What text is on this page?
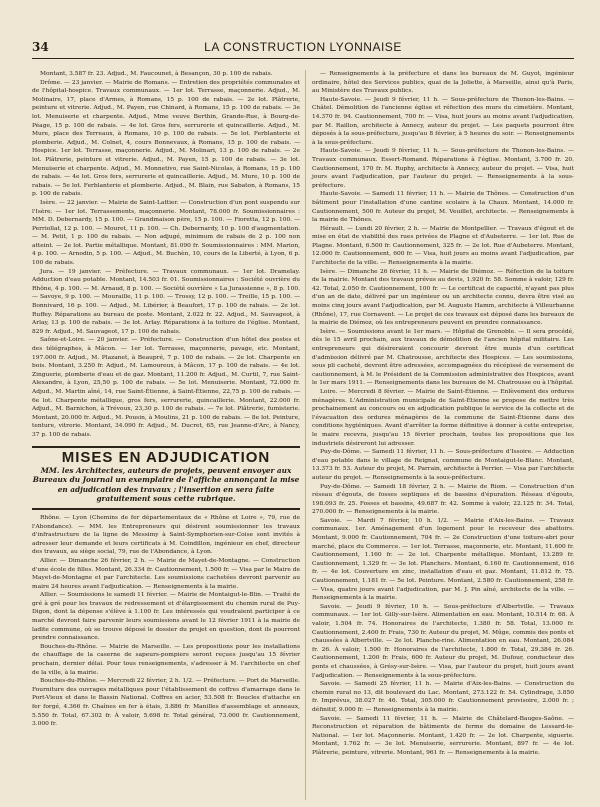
34	LA CONSTRUCTION LYONNAISE

Montant, 3.587 fr. 23. Adjud., M. Faucounet, à Besançon, 30 p. 100 de rabais.

Drôme. — 23 janvier. — Mairie de Romans. — Entretien des propriétés communales et de l'hôpital-hospice. Travaux communaux. — 1er lot. Terrasse, maçonnerie. Adjud., M. Molinaire, 17, place d'Armes, à Romans, 15 p. 100 de rabais. — 2e lot. Plâtrerie, peinture et vitrerie. Adjud., M. Payen, rue Chinard, à Romans, 15 p. 100 de rabais. — 3e lot. Menuiserie et charpente. Adjud., Mme veuve Berthin, Grande-Rue, à Bourg-de-Péage, 15 p. 100 de rabais. — 4e lot. Gros fers, serrurerie et quincaillerie. Adjud., M. Mure, place des Terreaux, à Romans, 10 p. 100 de rabais. — 5e lot. Ferblanterie et plomberie. Adjud., M. Colnet, 4, cours Bonnevaux, à Romans, 15 p. 100 de rabais. — Hospice. 1er lot. Terrasse, maçonnerie. Adjud., M. Molinari, 13 p. 100 de rabais. — 2e lot. Plâtrerie, peinture et vitrerie. Adjud., M. Payen, 15 p. 100 de rabais. — 3e lot. Menuiserie et charpente. Adjud., M. Monnetivo, rue Saint-Nicolas, à Romans, 15 p. 100 de rabais. — 4e lot. Gros fers, serrurerie et quincaillerie. Adjud., M. Mure, 10 p. 100 de rabais. — 5e lot. Ferblanterie et plomberie. Adjud., M. Blain, rue Sabaton, à Romans, 15 p. 100 de rabais.

Isère. — 22 janvier. — Mairie de Saint-Lattier. — Construction d'un pont suspendu sur l'Isère. — 1er lot. Terrassements, maçonnerie. Montant, 78.000 fr. Soumissionnaires : MM. D. Debernardy, 15 p. 100. — Grandmaison père, 15 p. 100. — Fioretta, 12 p. 100. — Perriollat, 12 p. 100. — Mouret, 11 p. 100. — Ch. Debernardy, 10 p. 100 d'augmentation. — M. Petit, 1 p. 100 de rabais. — Non adjugé, minimum de rabais de 2 p. 100 non atteint. — 2e lot. Partie métallique. Montant, 81.090 fr. Soumissionnaires : MM. Marion, 4 p. 100. — Arnodin, 5 p. 100. — Adjud., M. Buchèn, 10, cours de la Liberté, à Lyon, 6 p. 100 de rabais.

Jura. — 19 janvier. — Préfecture. — Travaux communaux. — 1er lot. Dramelay. Adduction d'eau potable. Montant, 14.503 fr. 01. Soumissionnaires : Société ouvrière du Rhône, 4 p. 100. — M. Arnaud, 8 p. 100. — Société ouvrière « La Jurassienne », 8 p. 100. — Savoye, 9 p. 100. — Mouraille, 11 p. 100. — Trossy, 12 p. 100. — Treille, 15 p. 100. — Bonnivard, 16 p. 100. — Adjud., M. Libérier, à Beaufort, 17 p. 100 de rabais. — 2e lot. Ruffey. Réparations au bureau de poste. Montant, 2.022 fr. 22. Adjud., M. Sauvageot, à Arlay, 13 p. 100 de rabais. — 3e lot. Arlay. Réparations à la toiture de l'église. Montant, 829 fr. Adjud., M. Sauvageot, 17 p. 100 de rabais.

Saône-et-Loire. — 20 janvier. — Préfecture. — Construction d'un hôtel des postes et des télégraphes, à Mâcon. — 1er lot. Terrasse, maçonnerie, pavage, etc. Montant, 197.000 fr. Adjud., M. Plazanet, à Beaupré, 7 p. 100 de rabais. — 2e lot. Charpente en bois. Montant, 3.250 fr. Adjud., M. Lamoureux, à Mâcon, 17 p. 100 de rabais. — 4e lot. Zinguerie, plomberie d'eau et de gaz. Montant, 11.200 fr. Adjud., M. Curtil, 7, rue Saint-Alexandre, à Lyon, 25,50 p. 100 de rabais. — 5e lot. Menuiserie. Montant, 72.000 fr. Adjud., M. Martin aîné, 14, rue Saint-Étienne, à Saint-Étienne, 22,75 p. 100 de rabais. — 6e lot. Charpente métallique, gros fers, serrurerie, quincaillerie. Montant, 22.000 fr. Adjud., M. Barnichon, à Trévoux, 23,30 p. 100 de rabais. — 7e lot. Plâtrerie, fumisterie. Montant, 20.000 fr. Adjud., M. Pousin, à Moulins, 21 p. 100 de rabais. — 8e lot. Peinture, tenture, vitrerie. Montant, 34.090 fr. Adjud., M. Ducret, 65, rue Jeanne-d'Arc, à Nancy, 37 p. 100 de rabais.

MISES EN ADJUDICATION
MM. les Architectes, auteurs de projets, peuvent envoyer aux Bureaux du Journal un exemplaire de l'affiche annonçant la mise en adjudication des travaux ; l'insertion en sera faite gratuitement sous cette rubrique.

Rhône. — Lyon (Chemins de fer départementaux de « Rhône et Loire », 79, rue de l'Abondance). — MM. les Entrepreneurs qui désirent soumissionner les travaux d'infrastructure de la ligne de Messimy à Saint-Symphorien-sur-Coise sont invités à adresser leur demande et leurs certificats à M. Coindillon, ingénieur en chef, directeur des travaux, au siège social, 79, rue de l'Abondance, à Lyon.

Allier. — Dimanche 26 février, 2 h. — Mairie de Mayet-de-Montagne. — Construction d'une école de filles. Montant, 26.334 fr. Cautionnement, 1.500 fr. — Visa par le Maire de Mayet-de-Montagne et par l'architecte. Les soumissions cachetées devront parvenir au maire 24 heures avant l'adjudication. — Renseignements à la mairie.

Allier. — Soumissions le samedi 11 février. — Mairie de Montaigut-le-Blin. — Traité de gré à gré pour les travaux de redressement et d'élargissement du chemin rural de Puy-Digon, dont la dépense s'élève à 1.100 fr. Les intéressés qui voudraient participer à ce marché devront faire parvenir leurs soumissions avant le 12 février 1911 à la mairie de ladite commune, où se trouve déposé le dossier du projet en question, dont ils pourront prendre connaissance.

Bouches-du-Rhône. — Mairie de Marseille. — Les propositions pour les installations de chauffage de la caserne de sapeurs-pompiers seront reçues jusqu'au 15 février prochain, dernier délai. Pour tous renseignements, s'adresser à M. l'architecte en chef de la ville, à la mairie.

Bouches-du-Rhône. — Mercredi 22 février, 2 h. 1/2. — Préfecture. — Port de Marseille. Fourniture des ouvrages métalliques pour l'établissement de coffres d'amarrage dans le Port-Vieux et dans le Bassin National. Coffres en acier, 53.508 fr. Boucles d'attache en fer forgé, 4.366 fr. Chaînes en fer à étais, 3.886 fr. Manilles d'assemblage et anneaux, 5.550 fr. Total, 67.302 fr. À valoir, 5.698 fr. Total général, 73.000 fr. Cautionnement, 3.000 fr.

— Renseignements à la préfecture et dans les bureaux de M. Guyot, ingénieur ordinaire, hôtel des Services publics, quai de la Joliette, à Marseille, ainsi qu'à Paris, au Ministère des Travaux publics.

Haute-Savoie. — Jeudi 9 février, 11 h. — Sous-préfecture de Thonon-les-Bains. — Châtel. Démolition de l'ancienne église et réfection des murs du cimetière. Montant, 14.370 fr. 94. Cautionnement, 700 fr. — Visa, huit jours au moins avant l'adjudication, par M. Raillon, architecte à Annecy, auteur du projet. — Les paquets pourront être déposés à la sous-préfecture, jusqu'au 8 février, à 5 heures du soir. — Renseignements à la sous-préfecture.

Haute-Savoie. — Jeudi 9 février, 11 h. — Sous-préfecture de Thonon-les-Bains. — Travaux communaux. Essert-Romand. Réparations à l'église. Montant, 3.700 fr. 20. Cautionnement, 170 fr. M. Ruphy, architecte à Annecy, auteur du projet. — Visa, huit jours avant l'adjudication, par l'auteur du projet. — Renseignements à la sous-préfecture.

Haute-Savoie. — Samedi 11 février, 11 h. — Mairie de Thônes. — Construction d'un bâtiment pour l'installation d'une cantine scolaire à la Chaux. Montant, 14.000 fr. Cautionnement, 500 fr. Auteur du projet, M. Veuillet, architecte. — Renseignements à la mairie de Thônes.

Hérault. — Lundi 20 février, 2 h. — Mairie de Montpellier. — Travaux d'égout et de mise en état de viabilité des rues privées de Plagne et d'Aubeterre. — 1er lot. Rue de Plagne. Montant, 6.500 fr. Cautionnement, 325 fr. — 2e lot. Rue d'Aubeterre. Montant, 12.000 fr. Cautionnement, 600 fr. — Visa, huit jours au moins avant l'adjudication, par l'architecte de la ville. — Renseignements à la mairie.

Isère. — Dimanche 26 février, 11 h. — Mairie de Diémoz. — Réfection de la toiture de la mairie. Montant des travaux prévus au devis, 1.920 fr. 58. Somme à valoir, 129 fr. 42. Total, 2.050 fr. Cautionnement, 100 fr. — Le certificat de capacité, n'ayant pas plus d'un an de date, délivré par un ingénieur ou un architecte connu, devra être visé au moins cinq jours avant l'adjudication, par M. Auguste Hamm, architecte à Villeurbanne (Rhône), 17, rue Cornavent. — Le projet de ces travaux est déposé dans les bureaux de la mairie de Diémoz, où les entrepreneurs peuvent en prendre connaissance.

Isère. — Soumissions avant le 1er mars. — Hôpital de Grenoble. — Il sera procédé, dès le 15 avril prochain, aux travaux de démolition de l'ancien hôpital militaire. Les entrepreneurs qui désireraient concourir devront être munis d'un certificat d'admission délivré par M. Chatrousse, architecte des Hospices. — Les soumissions, sous pli cacheté, devront être adressées, accompagnées du récépissé de versement de cautionnement, à M. le Président de la Commission administrative des Hospices, avant le 1er mars 1911. — Renseignements dans les bureaux de M. Chatrousse ou à l'hôpital.

Loire. — Mercredi 8 février. — Mairie de Saint-Étienne. — Enlèvement des ordures ménagères. L'Administration municipale de Saint-Étienne se propose de mettre très prochainement au concours ou en adjudication publique le service de la collecte et de l'évacuation des ordures ménagères de la commune de Saint-Étienne dans des conditions hygiéniques. Avant d'arrêter la forme définitive à donner à cette entreprise, le maire recevra, jusqu'au 15 février prochain, toutes les propositions que les industriels désireront lui adresser.

Puy-de-Dôme. — Samedi 11 février, 11 h. — Sous-préfecture d'Issoire. — Adduction d'eau potable dans le village de Reignat, commune de Montaigut-le-Blanc. Montant, 13.373 fr. 53. Auteur du projet, M. Parrain, architecte à Perrier. — Visa par l'architecte auteur du projet. — Renseignements à la sous-préfecture.

Puy-de-Dôme. — Samedi 18 février, 2 h. — Mairie de Riom. — Construction d'un réseau d'égouts, de fosses septiques et de bassins d'épuration. Réseau d'égouts, 198.093 fr. 25. Fosses et bassins, 49.687 fr. 42. Somme à valoir, 22.125 fr. 34. Total, 270.000 fr. — Renseignements à la mairie.

Savoie. — Mardi 7 février, 10 h. 1/2. — Mairie d'Aix-les-Bains. — Travaux communaux. 1er. Aménagement d'un logement pour le receveur des abattoirs. Montant, 9.000 fr. Cautionnement, 704 fr. — 2e Construction d'une toiture-abri pour marché, place du Commerce. — 1er lot. Terrasse, maçonnerie, etc. Montant, 11.600 fr. Cautionnement, 1.160 fr. — 2e lot. Charpente métallique. Montant, 13.289 fr. Cautionnement, 1.329 fr. — 3e lot. Planchers. Montant, 6.160 fr. Cautionnement, 616 fr. — 4e lot. Couverture en zinc, installation d'eau et gaz. Montant, 11.812 fr. 75. Cautionnement, 1.181 fr. — 5e lot. Peinture. Montant, 2.580 fr. Cautionnement, 258 fr. — Visa, quatre jours avant l'adjudication, par M. J. Pin aîné, architecte de la ville. — Renseignements à la mairie.

Savoie. — Jeudi 9 février, 10 h. — Sous-préfecture d'Albertville. — Travaux communaux. — 1er lot. Gilly-sur-Isère. Alimentation en eau. Montant, 10.514 fr. 68. À valoir, 1.504 fr. 74. Honoraires de l'architecte, 1.380 fr. 58. Total, 13.000 fr. Cautionnement, 2.400 fr. Frais, 730 fr. Auteur du projet, M. Mûge, commis des ponts et chaussées à Albertville. — 2e lot. Planche-rine. Alimentation en eau. Montant, 26.084 fr. 26. À valoir, 1.500 fr. Honoraires de l'architecte, 1.800 fr. Total, 29.384 fr. 26. Cautionnement, 1.200 fr. Frais, 600 fr. Auteur du projet, M. Dufour, conducteur des ponts et chaussées, à Grésy-sur-Isère. — Visa, par l'auteur du projet, huit jours avant l'adjudication. — Renseignements à la sous-préfecture.

Savoie. — Samedi 25 février, 11 h. — Mairie d'Aix-les-Bains. — Construction du chemin rural no 13, dit boulevard du Lac. Montant, 273.122 fr. 54. Cylindrage, 3.850 fr. Imprévus, 38.027 fr. 46. Total, 305.000 fr. Cautionnement provisoire, 2.000 fr. ; définitif, 9.000 fr. — Renseignements à la mairie.

Savoie. — Samedi 11 février, 11 h. — Mairie de Châtelard-Bauges-Saône. — Reconstruction et réparation de bâtiments de ferme du domaine de Lessard-le-National. — 1er lot. Maçonnerie. Montant, 1.420 fr. — 2e lot. Charpente, siguerie. Montant, 1.762 fr. — 3e lot. Menuiserie, serrurerie. Montant, 897 fr. — 4e lot. Plâtrerie, peinture, vitrerie. Montant, 961 fr. — Renseignements à la mairie.
